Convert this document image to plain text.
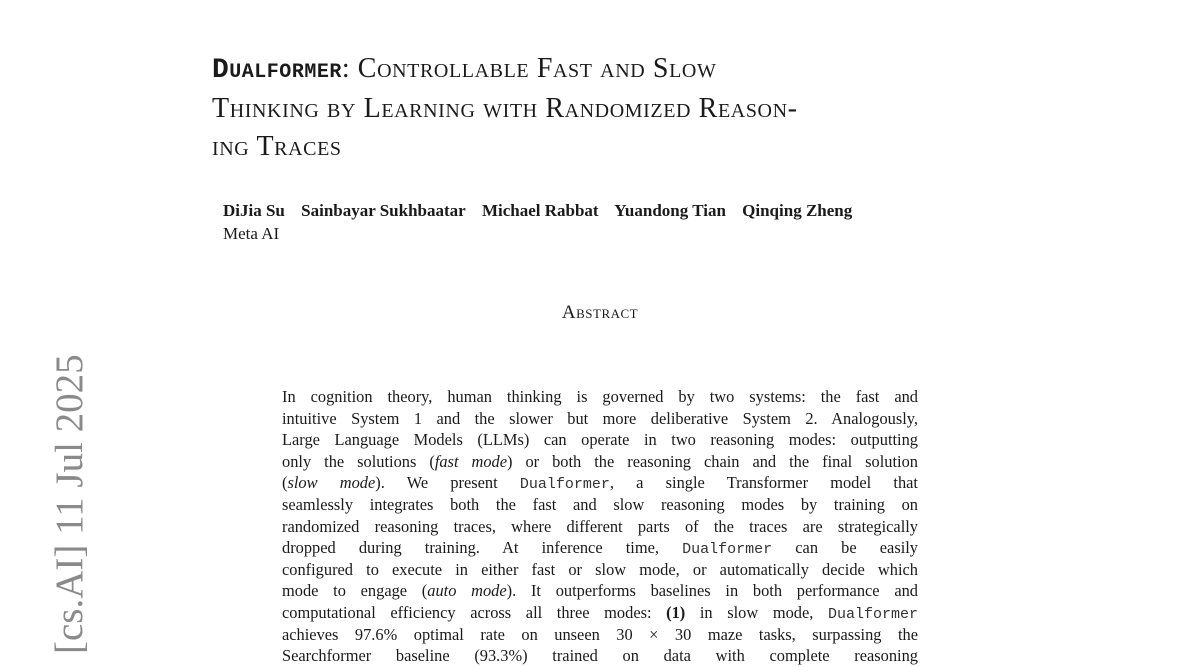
[cs.AI] 11 Jul 2025
Dualformer: Controllable Fast and Slow
Thinking by Learning with Randomized Reason-
ing Traces
DiJia Su Sainbayar Sukhbaatar Michael Rabbat Yuandong Tian Qinqing Zheng
Meta AI
Abstract
In cognition theory, human thinking is governed by two systems: the fast and
intuitive System 1 and the slower but more deliberative System 2. Analogously,
Large Language Models (LLMs) can operate in two reasoning modes: outputting
only the solutions (fast mode) or both the reasoning chain and the final solution
(slow mode). We present Dualformer, a single Transformer model that
seamlessly integrates both the fast and slow reasoning modes by training on
randomized reasoning traces, where different parts of the traces are strategically
dropped during training. At inference time, Dualformer can be easily
configured to execute in either fast or slow mode, or automatically decide which
mode to engage (auto mode). It outperforms baselines in both performance and
computational efficiency across all three modes: (1) in slow mode, Dualformer
achieves 97.6% optimal rate on unseen 30 × 30 maze tasks, surpassing the
Searchformer baseline (93.3%) trained on data with complete reasoning
